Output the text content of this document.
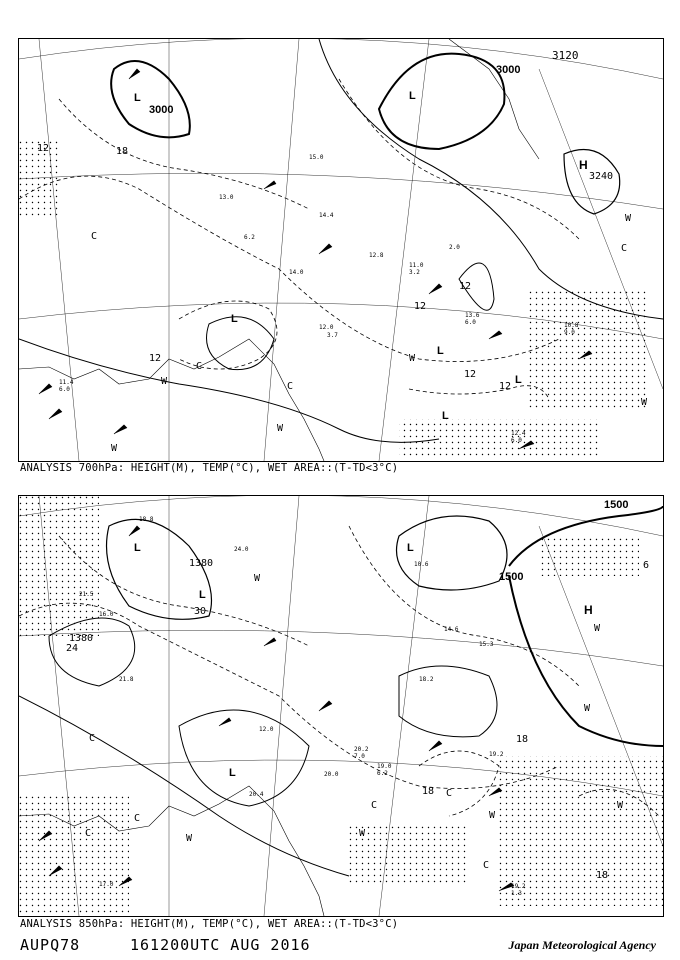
3000
3000
3120
3240
12	18
12
12
12
12
12
L	L
H
L
L
L
L
C
C
C
C
W
W
W
W
W
W
15.0
14.4
12.8
13.0
6.2
14.0
12.0
3.7
11.4
6.0
11.0
3.2
2.0
10.8
9.0
12.4
6.0
13.6
6.0
ANALYSIS 700hPa: HEIGHT(M), TEMP(°C), WET AREA::(T-TD<3°C)
1380
1380
1500
1500
30
24
18
18
18
6
L
L
L
H
L
C
C
C
C
C
C
W
W
W
W	W
W
W
20.4
18.8
24.0
21.5
16.0
19.2
20.0
14.6
15.3
19.0
6.2
20.2
7.0
17.0
12.0
19.2
1.3
21.8	18.2
10.6
ANALYSIS 850hPa: HEIGHT(M), TEMP(°C), WET AREA::(T-TD<3°C)
AUPQ78	161200UTC AUG 2016	Japan Meteorological Agency
